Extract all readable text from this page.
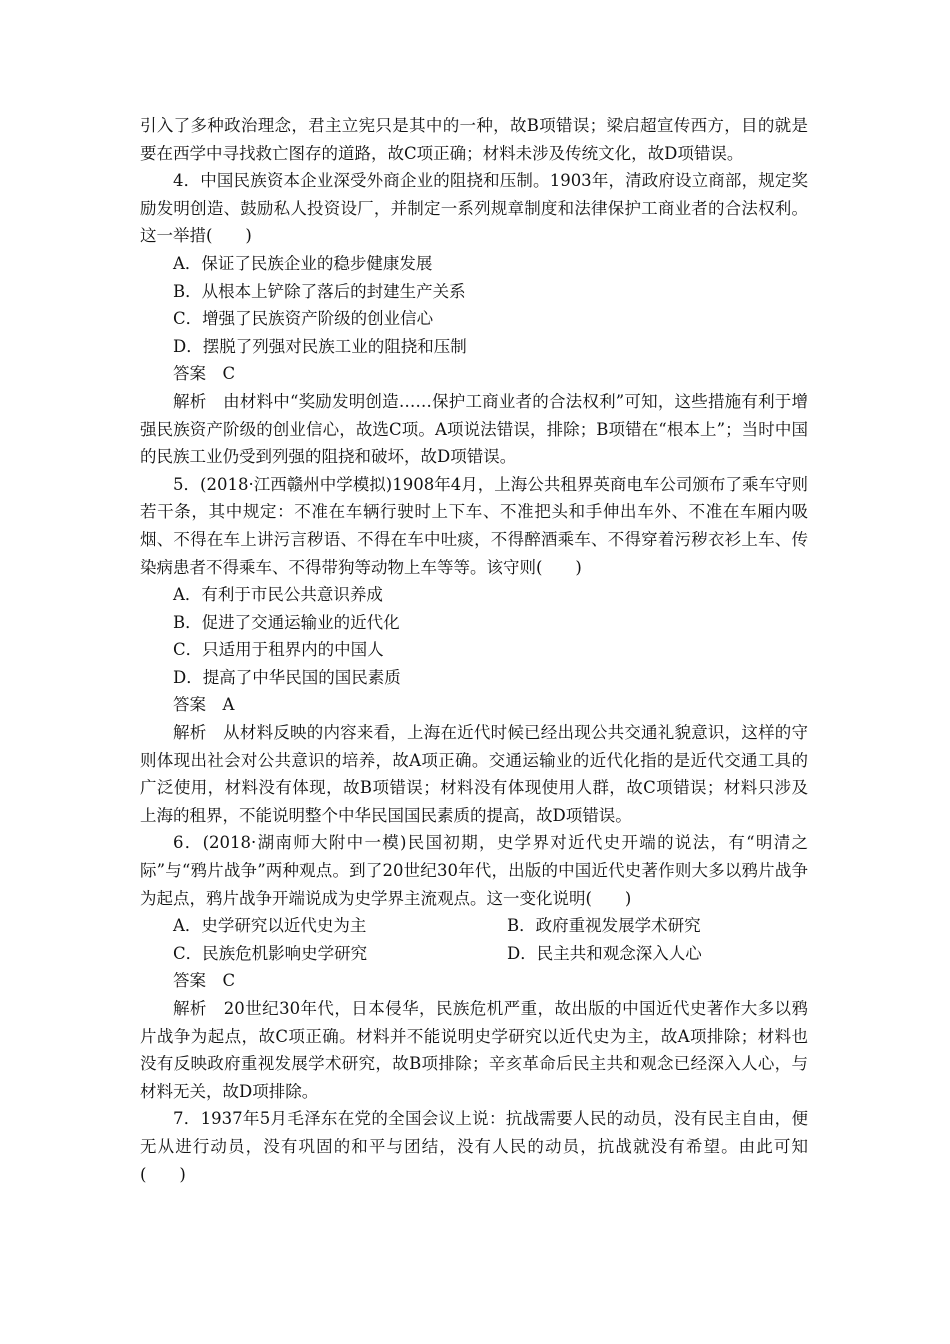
引入了多种政治理念，君主立宪只是其中的一种，故B项错误；梁启超宣传西方，目的就是要在西学中寻找救亡图存的道路，故C项正确；材料未涉及传统文化，故D项错误。

4．中国民族资本企业深受外商企业的阻挠和压制。1903年，清政府设立商部，规定奖励发明创造、鼓励私人投资设厂，并制定一系列规章制度和法律保护工商业者的合法权利。这一举措(　　)

A．保证了民族企业的稳步健康发展

B．从根本上铲除了落后的封建生产关系

C．增强了民族资产阶级的创业信心

D．摆脱了列强对民族工业的阻挠和压制

答案　C

解析　由材料中“奖励发明创造……保护工商业者的合法权利”可知，这些措施有利于增强民族资产阶级的创业信心，故选C项。A项说法错误，排除；B项错在“根本上”；当时中国的民族工业仍受到列强的阻挠和破坏，故D项错误。

5．(2018·江西赣州中学模拟)1908年4月，上海公共租界英商电车公司颁布了乘车守则若干条，其中规定：不准在车辆行驶时上下车、不准把头和手伸出车外、不准在车厢内吸烟、不得在车上讲污言秽语、不得在车中吐痰，不得醉酒乘车、不得穿着污秽衣衫上车、传染病患者不得乘车、不得带狗等动物上车等等。该守则(　　)

A．有利于市民公共意识养成

B．促进了交通运输业的近代化

C．只适用于租界内的中国人

D．提高了中华民国的国民素质

答案　A

解析　从材料反映的内容来看，上海在近代时候已经出现公共交通礼貌意识，这样的守则体现出社会对公共意识的培养，故A项正确。交通运输业的近代化指的是近代交通工具的广泛使用，材料没有体现，故B项错误；材料没有体现使用人群，故C项错误；材料只涉及上海的租界，不能说明整个中华民国国民素质的提高，故D项错误。

6．(2018·湖南师大附中一模)民国初期，史学界对近代史开端的说法，有“明清之际”与“鸦片战争”两种观点。到了20世纪30年代，出版的中国近代史著作则大多以鸦片战争为起点，鸦片战争开端说成为史学界主流观点。这一变化说明(　　)

A．史学研究以近代史为主	B．政府重视发展学术研究
C．民族危机影响史学研究	D．民主共和观念深入人心

答案　C

解析　20世纪30年代，日本侵华，民族危机严重，故出版的中国近代史著作大多以鸦片战争为起点，故C项正确。材料并不能说明史学研究以近代史为主，故A项排除；材料也没有反映政府重视发展学术研究，故B项排除；辛亥革命后民主共和观念已经深入人心，与材料无关，故D项排除。

7．1937年5月毛泽东在党的全国会议上说：抗战需要人民的动员，没有民主自由，便无从进行动员，没有巩固的和平与团结，没有人民的动员，抗战就没有希望。由此可知(　　)
